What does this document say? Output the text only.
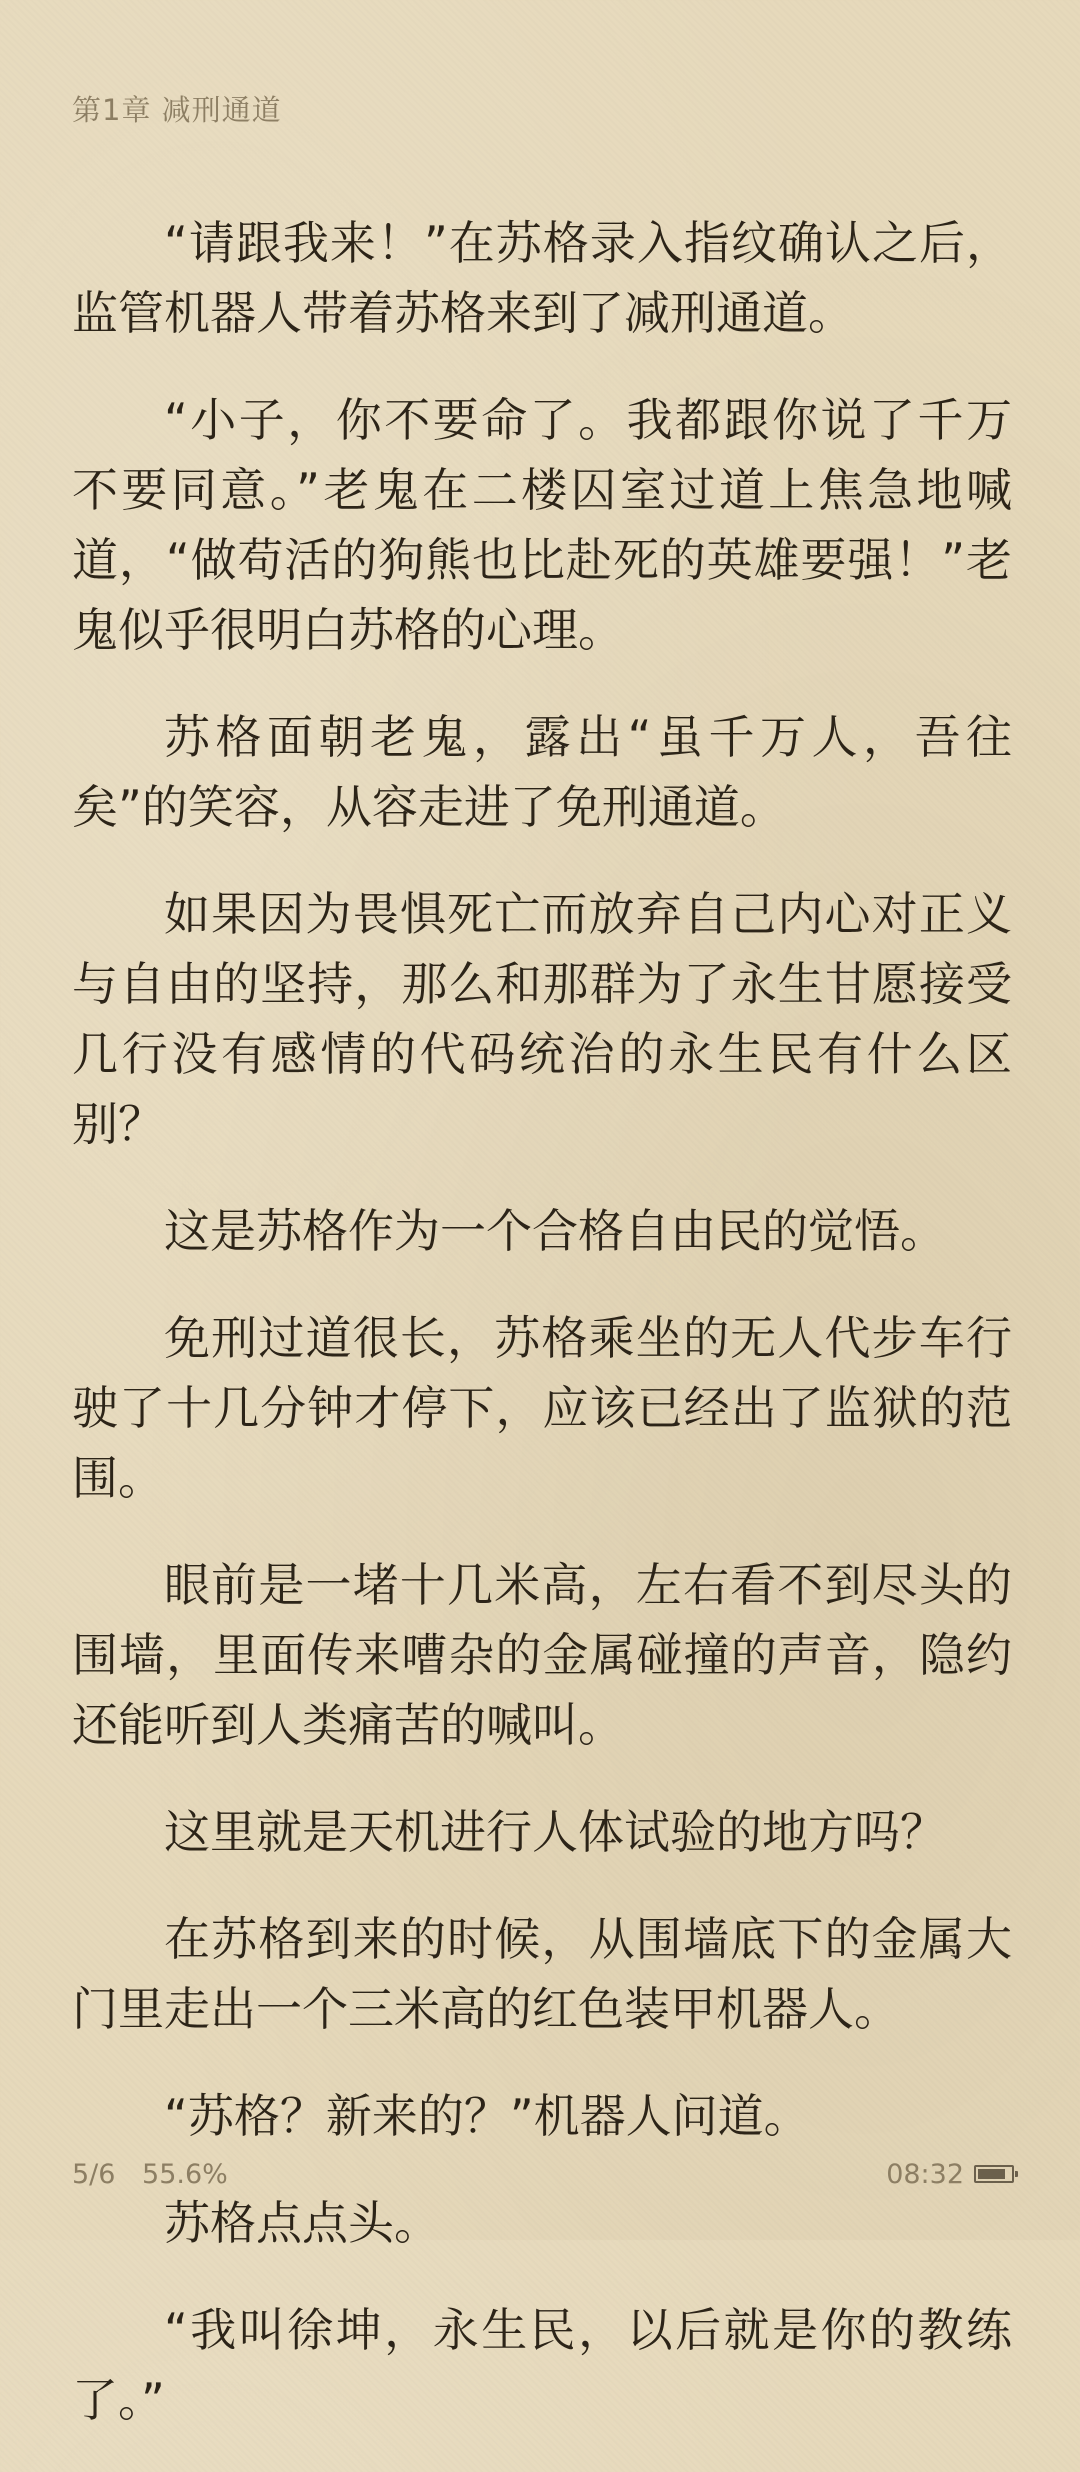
第1章 减刑通道

“请跟我来！”在苏格录入指纹确认之后，监管机器人带着苏格来到了减刑通道。

“小子，你不要命了。我都跟你说了千万不要同意。”老鬼在二楼囚室过道上焦急地喊道，“做苟活的狗熊也比赴死的英雄要强！”老鬼似乎很明白苏格的心理。

苏格面朝老鬼，露出“虽千万人，吾往矣”的笑容，从容走进了免刑通道。

如果因为畏惧死亡而放弃自己内心对正义与自由的坚持，那么和那群为了永生甘愿接受几行没有感情的代码统治的永生民有什么区别？

这是苏格作为一个合格自由民的觉悟。

免刑过道很长，苏格乘坐的无人代步车行驶了十几分钟才停下，应该已经出了监狱的范围。

眼前是一堵十几米高，左右看不到尽头的围墙，里面传来嘈杂的金属碰撞的声音，隐约还能听到人类痛苦的喊叫。

这里就是天机进行人体试验的地方吗？

在苏格到来的时候，从围墙底下的金属大门里走出一个三米高的红色装甲机器人。

“苏格？新来的？”机器人问道。

苏格点点头。

“我叫徐坤，永生民，以后就是你的教练了。”

5/6 55.6%	08:32
